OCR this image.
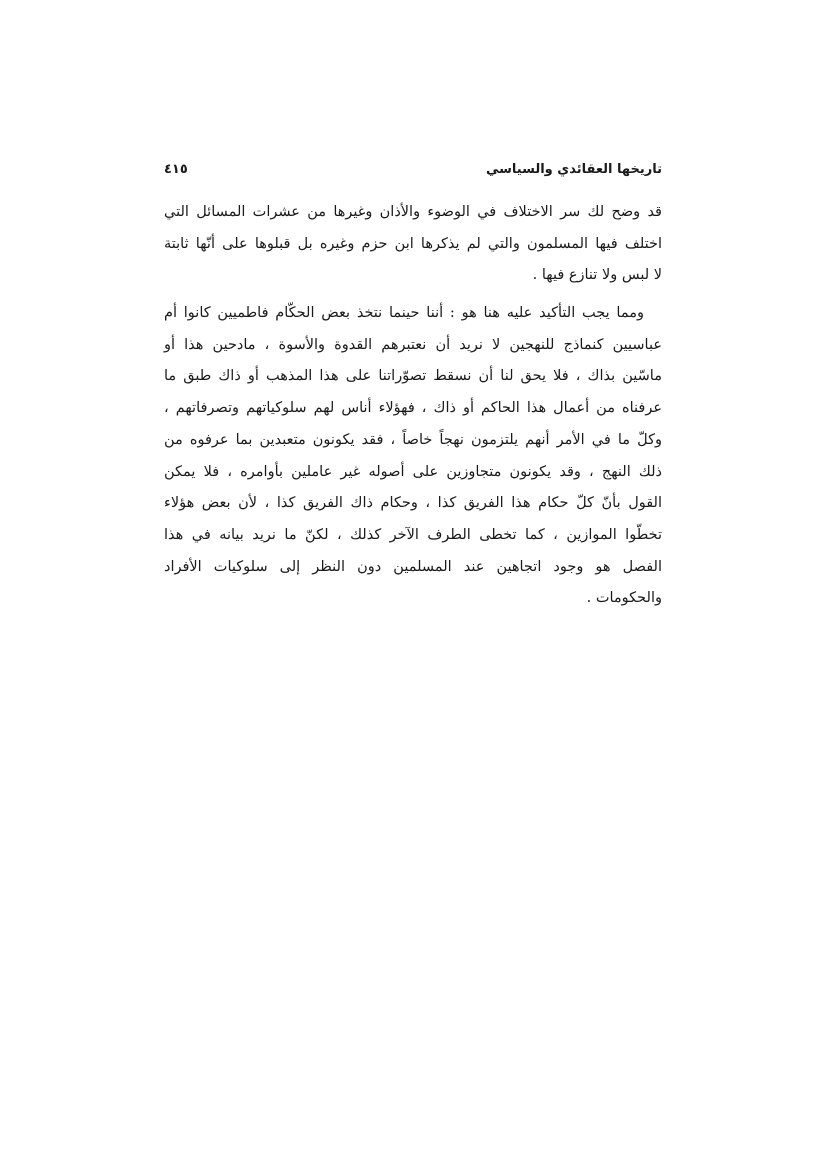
تاريخها العقائدي والسياسي
٤١٥
قد وضح لك سر الاختلاف في الوضوء والأذان وغيرها من عشرات المسائل التي
اختلف فيها المسلمون والتي لم يذكرها ابن حزم وغيره بل قبلوها على أنّها ثابتة
لا لبس ولا تنازع فيها .
ومما يجب التأكيد عليه هنا هو : أننا حينما نتخذ بعض الحكّام فاطميين كانوا أم
عباسيين كنماذج للنهجين لا نريد أن نعتبرهم القدوة والأسوة ، مادحين هذا أو
ماسّين بذاك ، فلا يحق لنا أن نسقط تصوّراتنا على هذا المذهب أو ذاك طبق ما
عرفناه من أعمال هذا الحاكم أو ذاك ، فهؤلاء أناس لهم سلوكياتهم وتصرفاتهم ،
وكلّ ما في الأمر أنهم يلتزمون نهجاً خاصاً ، فقد يكونون متعبدين بما عرفوه من
ذلك النهج ، وقد يكونون متجاوزين على أصوله غير عاملين بأوامره ، فلا يمكن
القول بأنّ كلّ حكام هذا الفريق كذا ، وحكام ذاك الفريق كذا ، لأن بعض هؤلاء
تخطّوا الموازين ، كما تخطى الطرف الآخر كذلك ، لكنّ ما نريد بيانه في هذا
الفصل هو وجود اتجاهين عند المسلمين دون النظر إلى سلوكيات الأفراد
والحكومات .
